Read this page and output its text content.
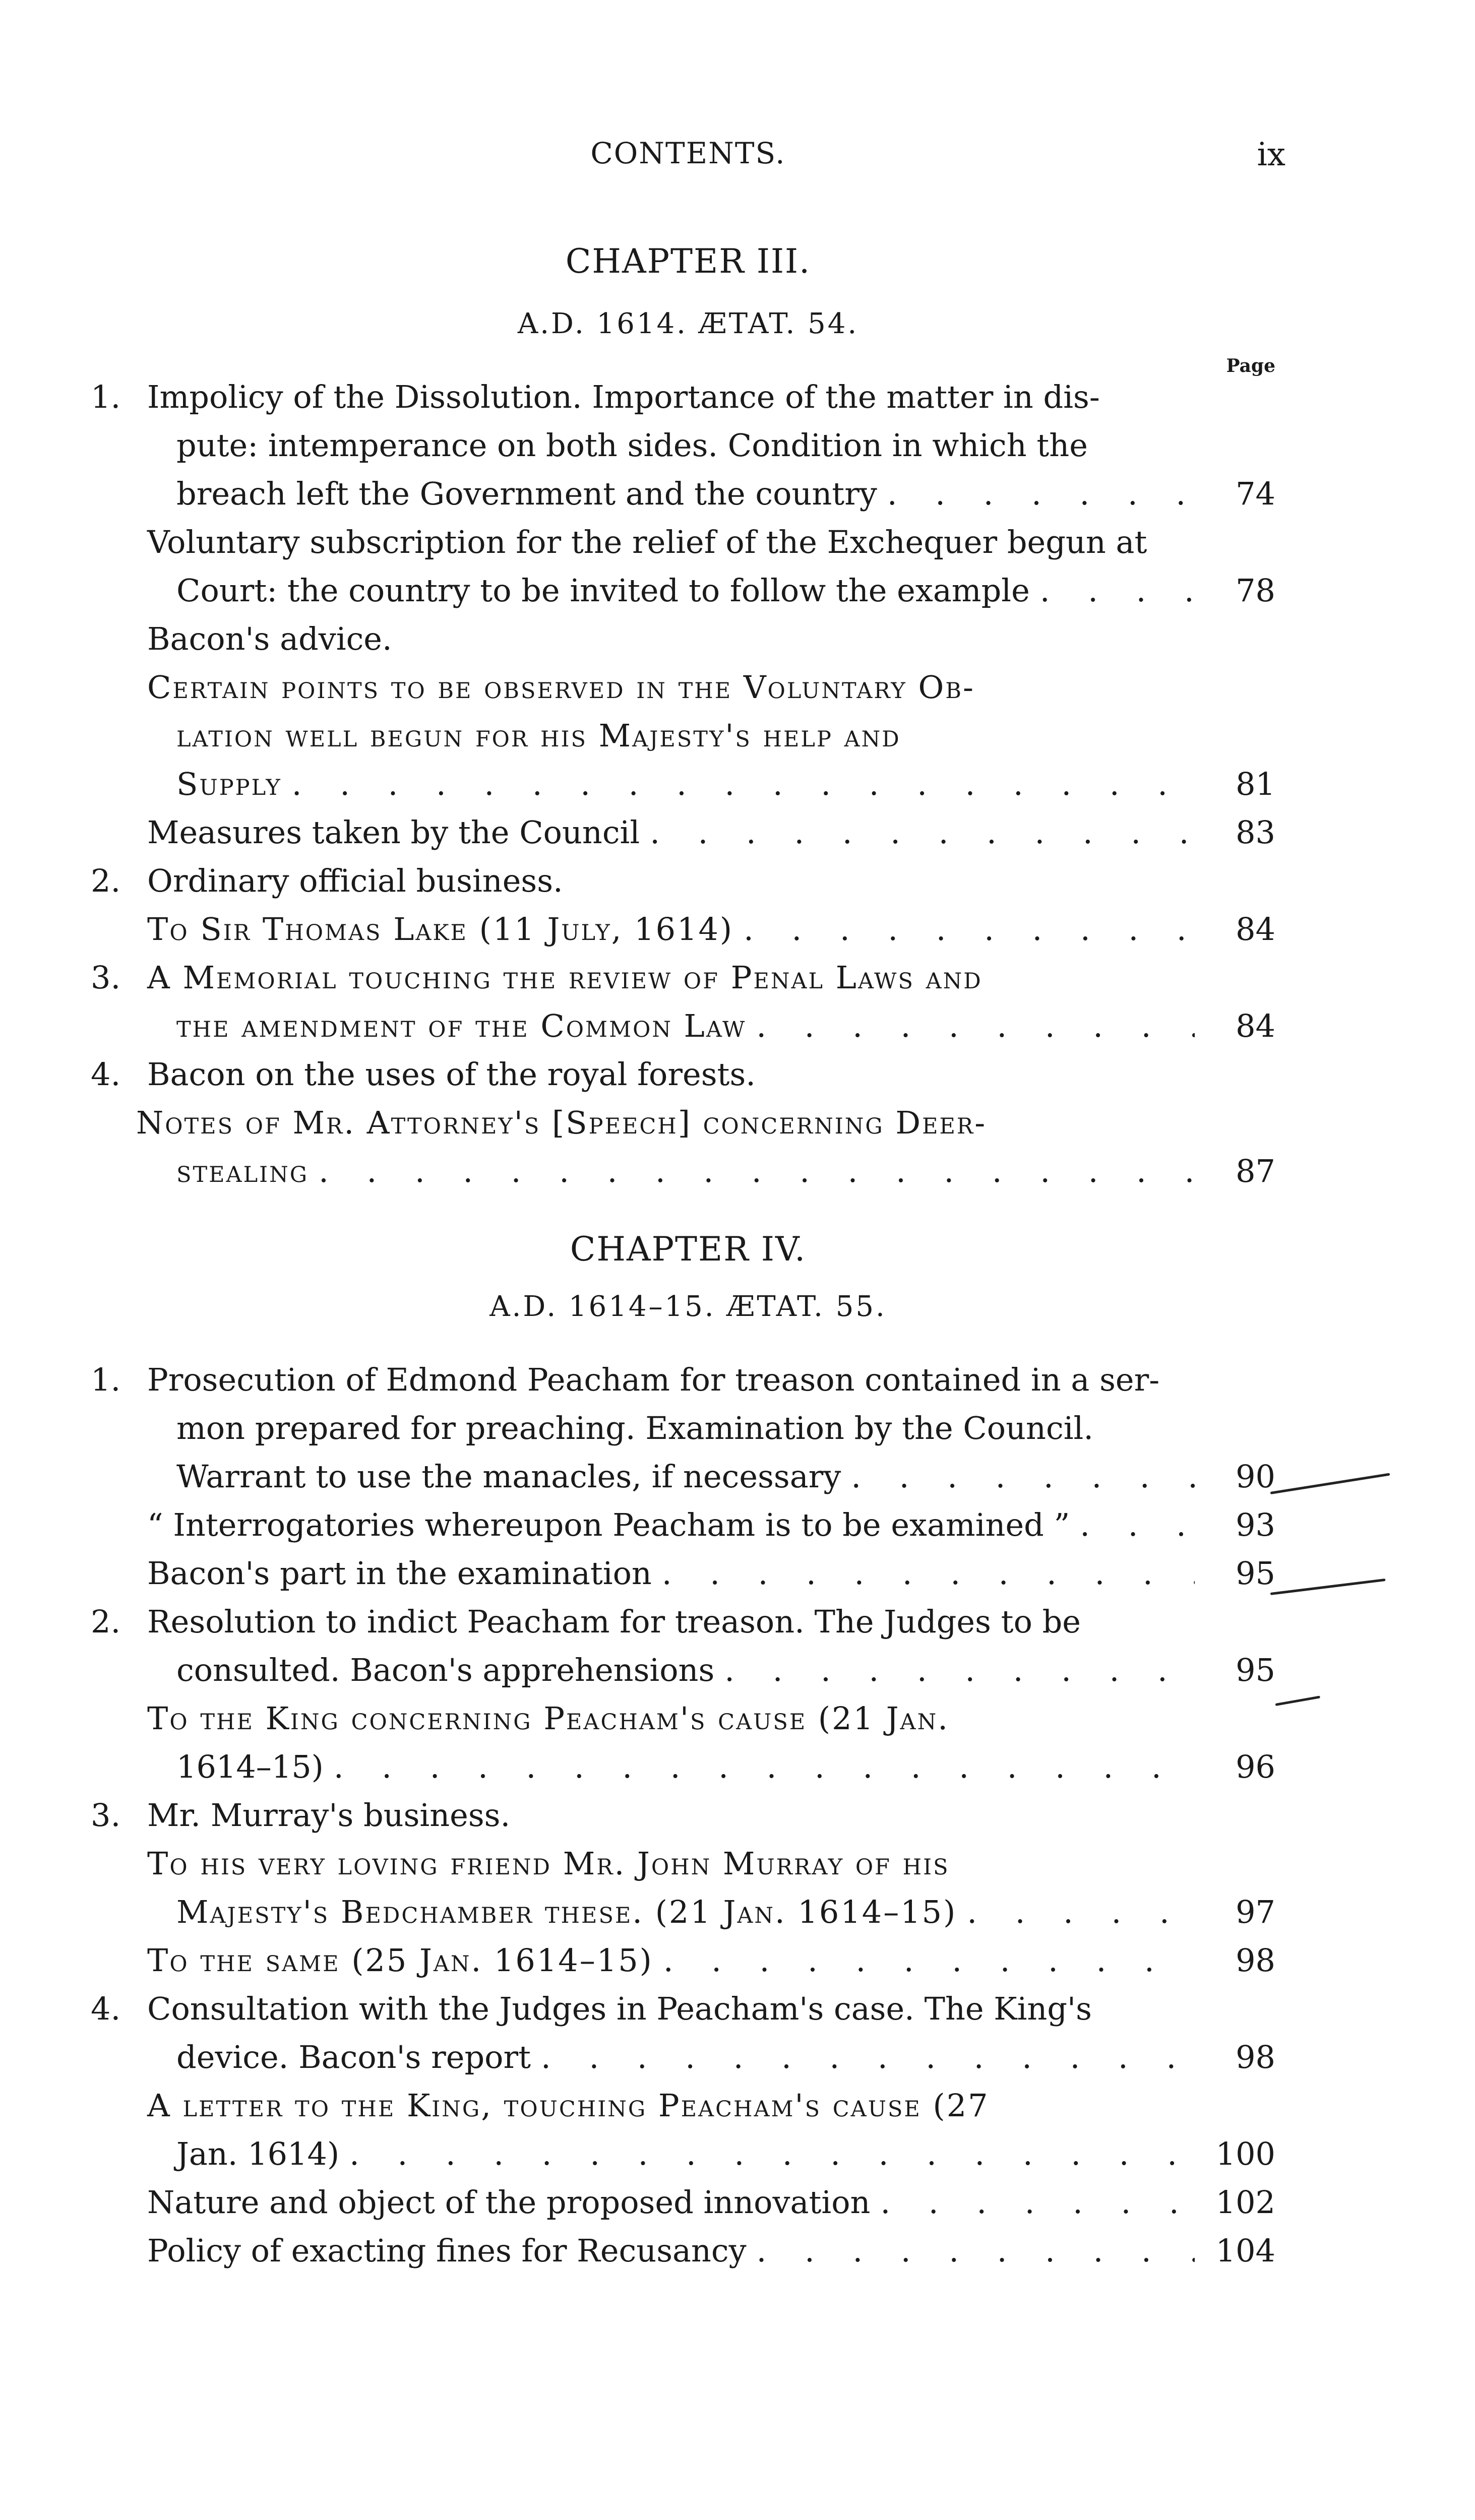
CONTENTS.	ix
CHAPTER III.
A.D. 1614. ÆTAT. 54.
Page
1. Impolicy of the Dissolution. Importance of the matter in dis-
pute: intemperance on both sides. Condition in which the
breach left the Government and the country . . .	74
Voluntary subscription for the relief of the Exchequer begun at
Court: the country to be invited to follow the example . . .	78
Bacon's advice.
Certain points to be observed in the Voluntary Ob-
lation well begun for his Majesty's help and
Supply . . .	81
Measures taken by the Council . . .	83
2. Ordinary official business.
To Sir Thomas Lake (11 July, 1614) . . .	84
3. A Memorial touching the review of Penal Laws and
the amendment of the Common Law . . .	84
4. Bacon on the uses of the royal forests.
Notes of Mr. Attorney's [Speech] concerning Deer-
stealing . . .	87
CHAPTER IV.
A.D. 1614–15. ÆTAT. 55.
1. Prosecution of Edmond Peacham for treason contained in a ser-
mon prepared for preaching. Examination by the Council.
Warrant to use the manacles, if necessary . . .	90
“ Interrogatories whereupon Peacham is to be examined ” . . .	93
Bacon's part in the examination . . .	95
2. Resolution to indict Peacham for treason. The Judges to be
consulted. Bacon's apprehensions . . .	95
To the King concerning Peacham's cause (21 Jan.
1614–15) . . .	96
3. Mr. Murray's business.
To his very loving friend Mr. John Murray of his
Majesty's Bedchamber these. (21 Jan. 1614–15) . . .	97
To the same (25 Jan. 1614–15) . . .	98
4. Consultation with the Judges in Peacham's case. The King's
device. Bacon's report . . .	98
A letter to the King, touching Peacham's cause (27
Jan. 1614) . . .	100
Nature and object of the proposed innovation . . .	102
Policy of exacting fines for Recusancy . . .	104
